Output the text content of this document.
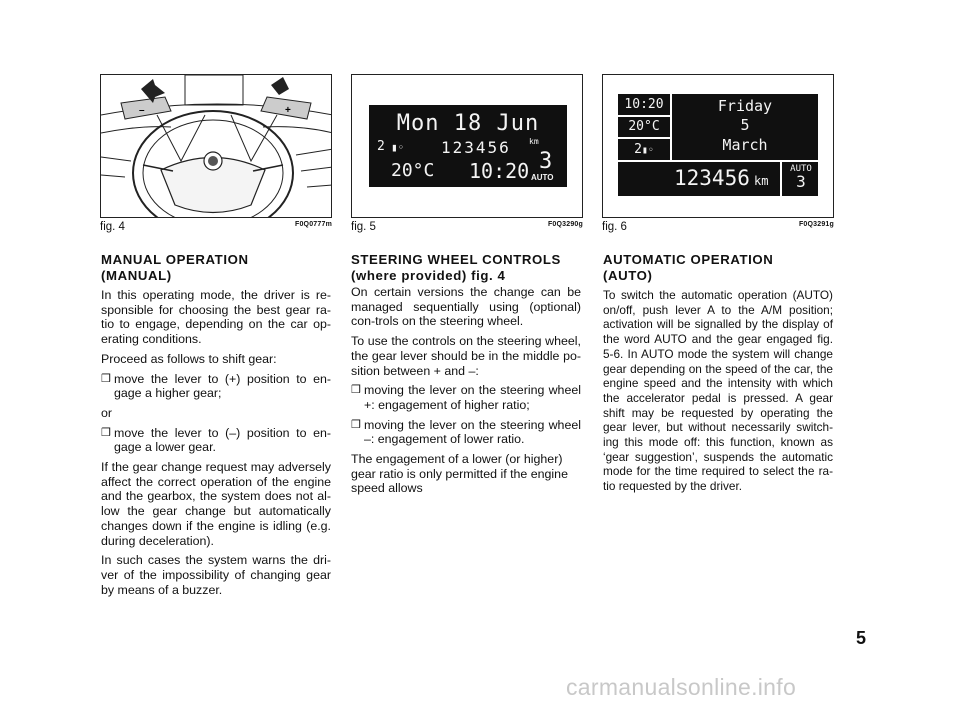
–	+
fig. 4	F0Q0777m
Mon 18 Jun
2 ▮◦ 123456 km
20°C 10:20 3
AUTO
fig. 5	F0Q3290g
10:20
20°C
2▮◦
Friday
5
March
123456 km
AUTO
3
fig. 6	F0Q3291g
MANUAL OPERATION
(MANUAL)

In this operating mode, the driver is re-sponsible for choosing the best gear ra-tio to engage, depending on the car op-erating conditions.

Proceed as follows to shift gear:

❒ move the lever to (+) position to en-gage a higher gear;

or

❒ move the lever to (–) position to en-gage a lower gear.

If the gear change request may adversely affect the correct operation of the engine and the gearbox, the system does not al-low the gear change but automatically changes down if the engine is idling (e.g. during deceleration).

In such cases the system warns the dri-ver of the impossibility of changing gear by means of a buzzer.

STEERING WHEEL CONTROLS
(where provided) fig. 4

On certain versions the change can be managed sequentially using (optional) con-trols on the steering wheel.

To use the controls on the steering wheel, the gear lever should be in the middle po-sition between + and –:

❒ moving the lever on the steering wheel +: engagement of higher ratio;
❒ moving the lever on the steering wheel –: engagement of lower ratio.

The engagement of a lower (or higher) gear ratio is only permitted if the engine speed allows

AUTOMATIC OPERATION
(AUTO)

To switch the automatic operation (AUTO) on/off, push lever A to the A/M position; activation will be signalled by the display of the word AUTO and the gear engaged fig. 5-6. In AUTO mode the system will change gear depending on the speed of the car, the engine speed and the intensity with which the accelerator pedal is pressed. A gear shift may be requested by operating the gear lever, but without necessarily switch-ing this mode off: this function, known as ‘gear suggestion’, suspends the automatic mode for the time required to select the ra-tio requested by the driver.

5
carmanualsonline.info
